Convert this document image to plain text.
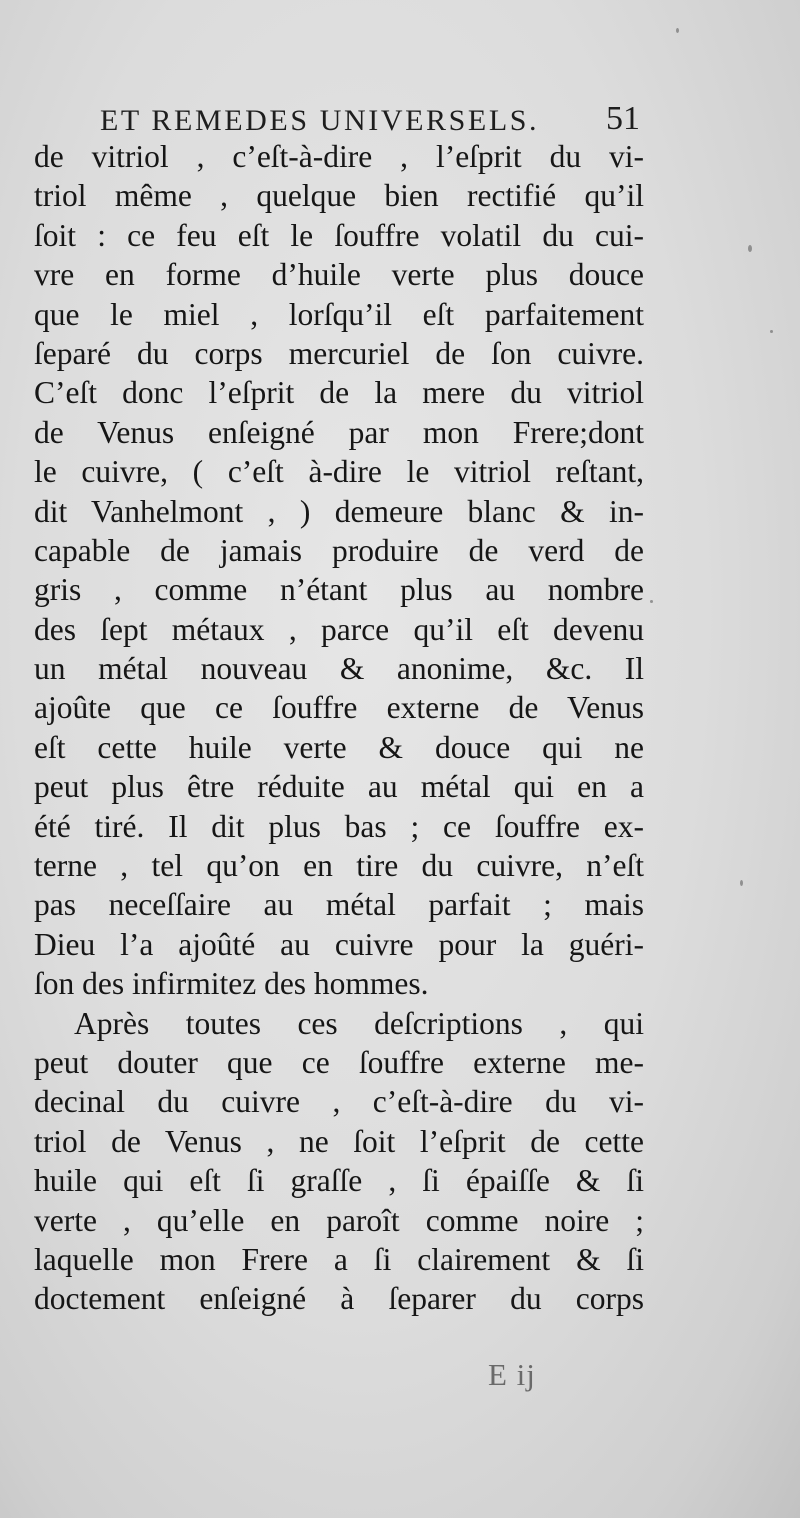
ET REMEDES UNIVERSELS. 51
de vitriol , c’eſt-à-dire , l’eſprit du vi-
triol même , quelque bien rectifié qu’il
ſoit : ce feu eſt le ſouffre volatil du cui-
vre en forme d’huile verte plus douce
que le miel , lorſqu’il eſt parfaitement
ſeparé du corps mercuriel de ſon cuivre.
C’eſt donc l’eſprit de la mere du vitriol
de Venus enſeigné par mon Frere;dont
le cuivre, ( c’eſt à-dire le vitriol reſtant,
dit Vanhelmont , ) demeure blanc & in-
capable de jamais produire de verd de
gris , comme n’étant plus au nombre
des ſept métaux , parce qu’il eſt devenu
un métal nouveau & anonime, &c. Il
ajoûte que ce ſouffre externe de Venus
eſt cette huile verte & douce qui ne
peut plus être réduite au métal qui en a
été tiré. Il dit plus bas ; ce ſouffre ex-
terne , tel qu’on en tire du cuivre, n’eſt
pas neceſſaire au métal parfait ; mais
Dieu l’a ajoûté au cuivre pour la guéri-
ſon des infirmitez des hommes.
Après toutes ces deſcriptions , qui
peut douter que ce ſouffre externe me-
decinal du cuivre , c’eſt-à-dire du vi-
triol de Venus , ne ſoit l’eſprit de cette
huile qui eſt ſi graſſe , ſi épaiſſe & ſi
verte , qu’elle en paroît comme noire ;
laquelle mon Frere a ſi clairement & ſi
doctement enſeigné à ſeparer du corps
E ij
